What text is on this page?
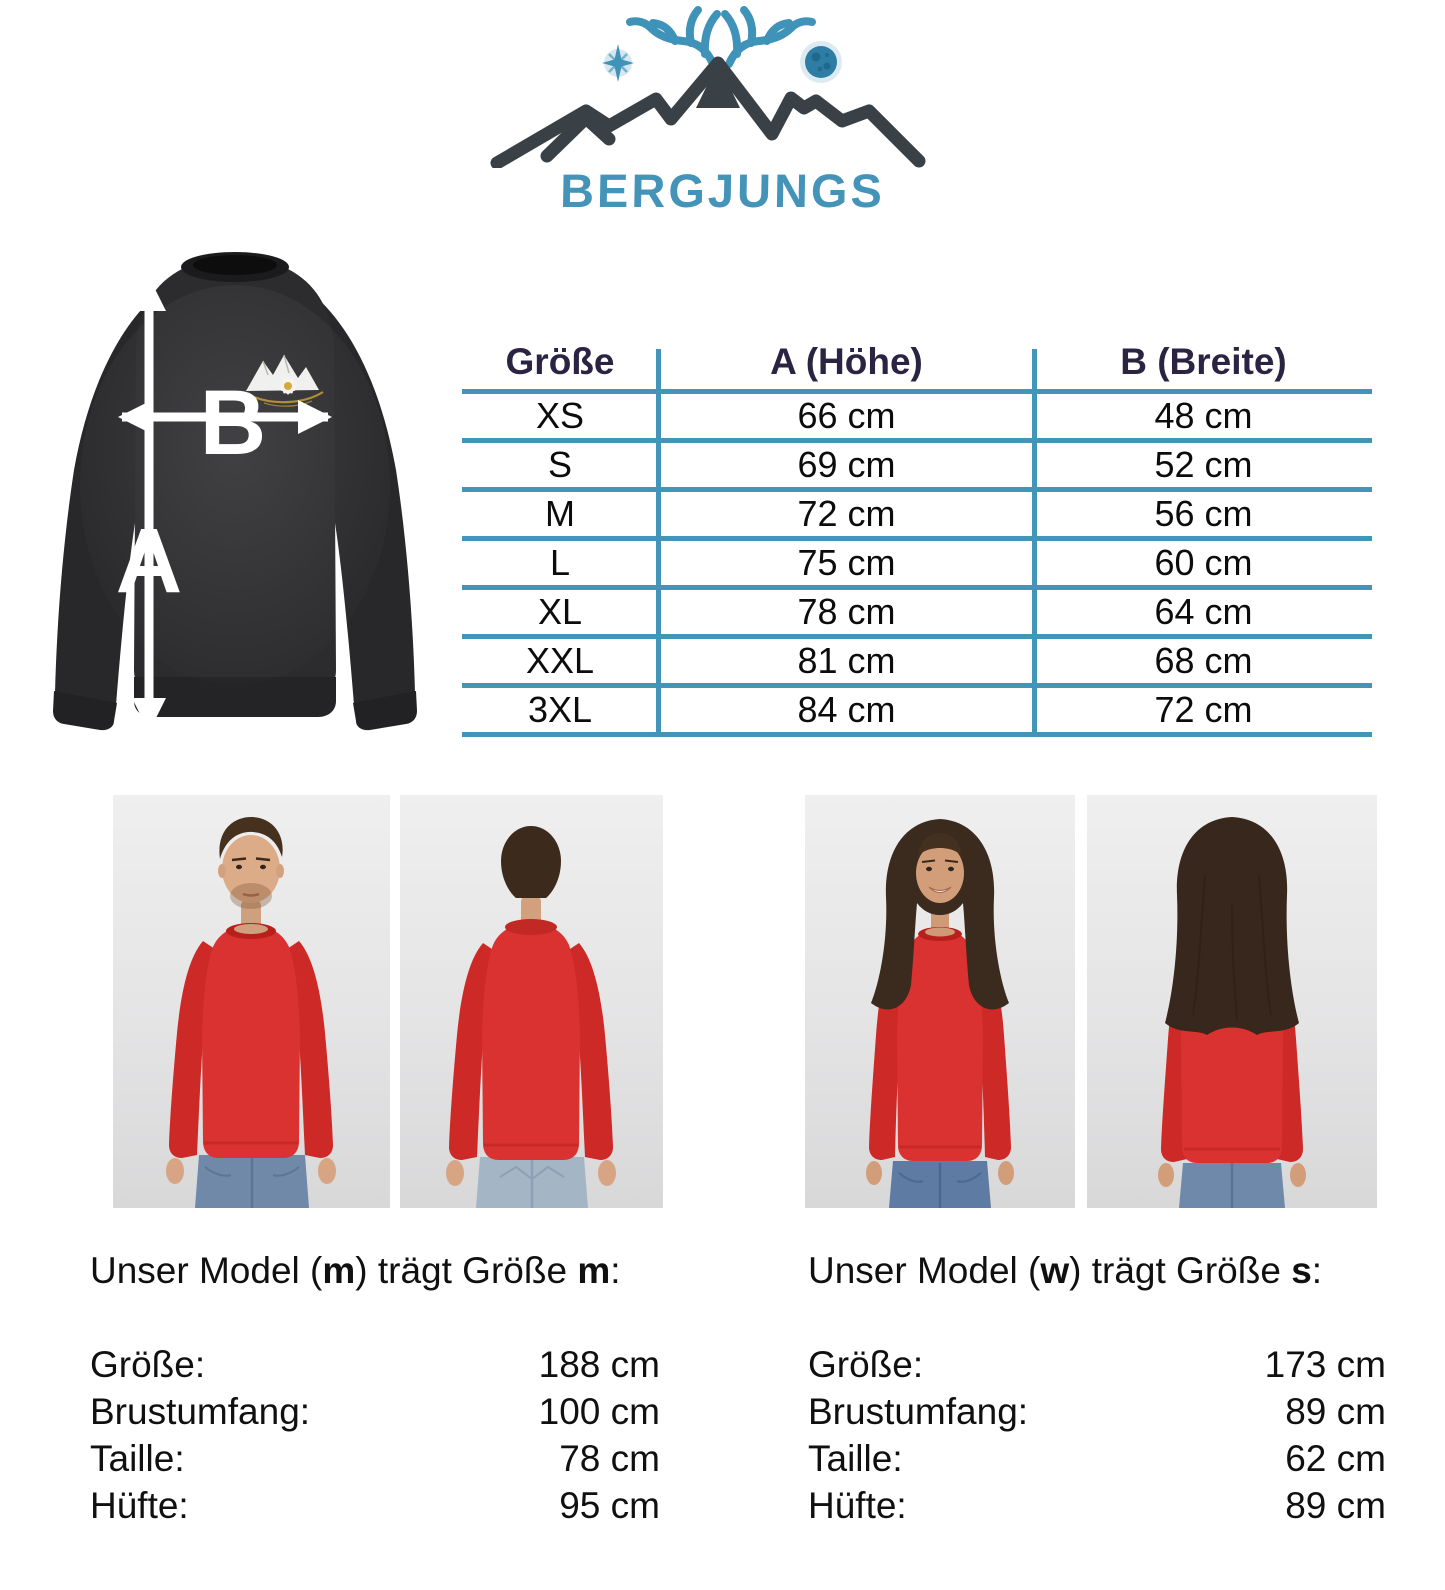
BERGJUNGS
A
B
Größe	A (Höhe)	B (Breite)
XS	66 cm	48 cm
S	69 cm	52 cm
M	72 cm	56 cm
L	75 cm	60 cm
XL	78 cm	64 cm
XXL	81 cm	68 cm
3XL	84 cm	72 cm
Unser Model (m) trägt Größe m:	Unser Model (w) trägt Größe s:
Größe:	188 cm
Brustumfang:	100 cm
Taille:	78 cm
Hüfte:	95 cm
Größe:	173 cm
Brustumfang:	89 cm
Taille:	62 cm
Hüfte:	89 cm
